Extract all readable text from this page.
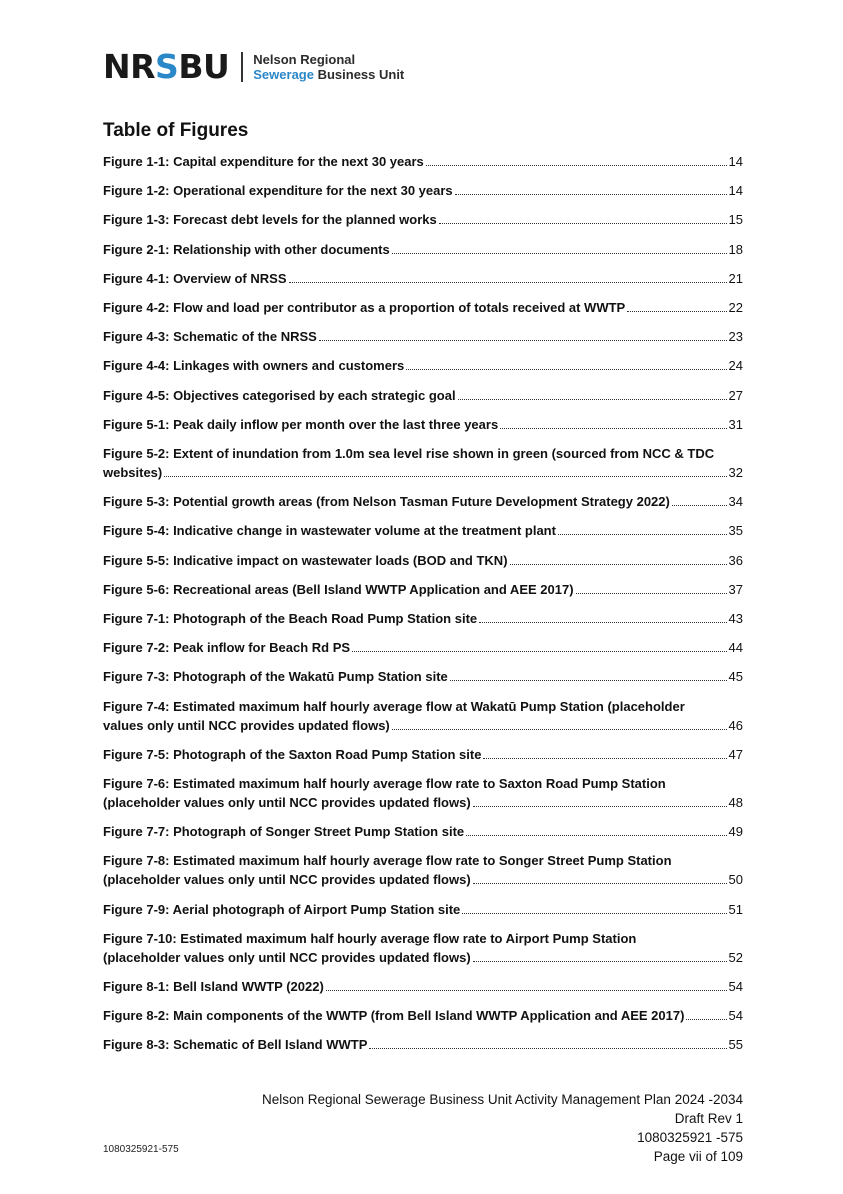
NRSBU Nelson Regional
Sewerage Business Unit
Table of Figures
Figure 1-1: Capital expenditure for the next 30 years	14
Figure 1-2: Operational expenditure for the next 30 years	14
Figure 1-3: Forecast debt levels for the planned works	15
Figure 2-1: Relationship with other documents	18
Figure 4-1: Overview of NRSS	21
Figure 4-2: Flow and load per contributor as a proportion of totals received at WWTP	22
Figure 4-3: Schematic of the NRSS	23
Figure 4-4: Linkages with owners and customers	24
Figure 4-5: Objectives categorised by each strategic goal	27
Figure 5-1: Peak daily inflow per month over the last three years	31
Figure 5-2: Extent of inundation from 1.0m sea level rise shown in green (sourced from NCC & TDC
websites)	32
Figure 5-3: Potential growth areas (from Nelson Tasman Future Development Strategy 2022)	34
Figure 5-4: Indicative change in wastewater volume at the treatment plant	35
Figure 5-5: Indicative impact on wastewater loads (BOD and TKN)	36
Figure 5-6: Recreational areas (Bell Island WWTP Application and AEE 2017)	37
Figure 7-1: Photograph of the Beach Road Pump Station site	43
Figure 7-2: Peak inflow for Beach Rd PS	44
Figure 7-3: Photograph of the Wakatū Pump Station site	45
Figure 7-4: Estimated maximum half hourly average flow at Wakatū Pump Station (placeholder
values only until NCC provides updated flows)	46
Figure 7-5: Photograph of the Saxton Road Pump Station site	47
Figure 7-6: Estimated maximum half hourly average flow rate to Saxton Road Pump Station
(placeholder values only until NCC provides updated flows)	48
Figure 7-7: Photograph of Songer Street Pump Station site	49
Figure 7-8: Estimated maximum half hourly average flow rate to Songer Street Pump Station
(placeholder values only until NCC provides updated flows)	50
Figure 7-9: Aerial photograph of Airport Pump Station site	51
Figure 7-10: Estimated maximum half hourly average flow rate to Airport Pump Station
(placeholder values only until NCC provides updated flows)	52
Figure 8-1: Bell Island WWTP (2022)	54
Figure 8-2: Main components of the WWTP (from Bell Island WWTP Application and AEE 2017)	54
Figure 8-3: Schematic of Bell Island WWTP	55
1080325921-575
Nelson Regional Sewerage Business Unit Activity Management Plan 2024 -2034
Draft Rev 1
1080325921 -575
Page vii of 109
